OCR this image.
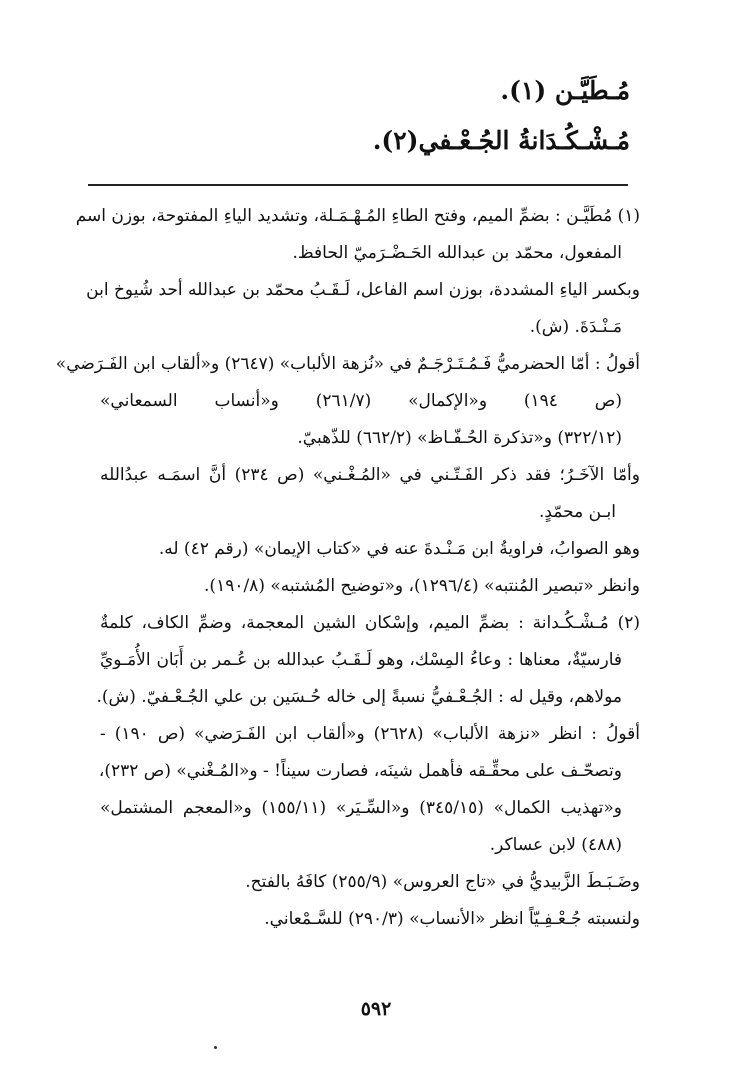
مُـطَيَّـن (١).
مُـشْـكُـدَانةُ الجُـعْـفي(٢).

(١) مُطَيَّـن : بضمِّ الميم، وفتح الطاءِ المُـهْـمَـلة، وتشديد الياءِ المفتوحة، بوزن اسم

المفعول، محمّد بن عبدالله الحَـضْـرَميّ الحافظ.

وبكسر الياءِ المشددة، بوزن اسم الفاعل، لَـقَـبُ محمّد بن عبدالله أحد شُيوخ ابن

مَـنْـدَةَ. (ش).

أقولُ : أمّا الحضرميُّ فَـمُـتَـرْجَـمٌ في «نُزهة الألباب» (٢٦٤٧) و«ألقاب ابن الفَـرَضي»

(ص ١٩٤) و«الإكمال» (٢٦١/٧) و«أنساب السمعاني»

(٣٢٢/١٢) و«تذكرة الحُـفّـاظ» (٦٦٢/٢) للذّهبيّ.

وأمّا الآخَـرُ؛ فقد ذكر الفَـتّـني في «المُـغْـني» (ص ٢٣٤) أنَّ اسمَـه عبدُالله

ابـن محمّدٍ.

وهو الصوابُ، فراويةُ ابن مَـنْـدةَ عنه في «كتاب الإيمان» (رقم ٤٢) له.

وانظر «تبصير المُنتبه» (١٢٩٦/٤)، و«توضيح المُشتبه» (١٩٠/٨).

(٢) مُـشْـكُـدانة : بضمِّ الميم، وإسْكان الشين المعجمة، وضمِّ الكاف، كلمةٌ

فارسيّةٌ، معناها : وعاءُ المِسْك، وهو لَـقَـبُ عبدالله بن عُـمر بن أَبَان الأُمَـويِّ

مولاهم، وقيل له : الجُـعْـفيُّ نسبةً إلى خاله حُـسَين بن علي الجُـعْـفيّ. (ش).

أقولُ : انظر «نزهة الألباب» (٢٦٢٨) و«ألقاب ابن الفَـرَضي» (ص ١٩٠) -

وتصحّـف على محقِّـقه فأهمل شينَه، فصارت سيناً! - و«المُـغْني» (ص ٢٣٢)،

و«تهذيب الكمال» (٣٤٥/١٥) و«السِّـيَر» (١٥٥/١١) و«المعجم المشتمل»

(٤٨٨) لابن عساكر.

وضَـبَـطَ الزَّبيديُّ في «تاج العروس» (٢٥٥/٩) كافَهُ بالفتح.

ولنسبته جُـعْـفِـيّاً انظر «الأنساب» (٢٩٠/٣) للسَّـمْعاني.

٥٩٢
